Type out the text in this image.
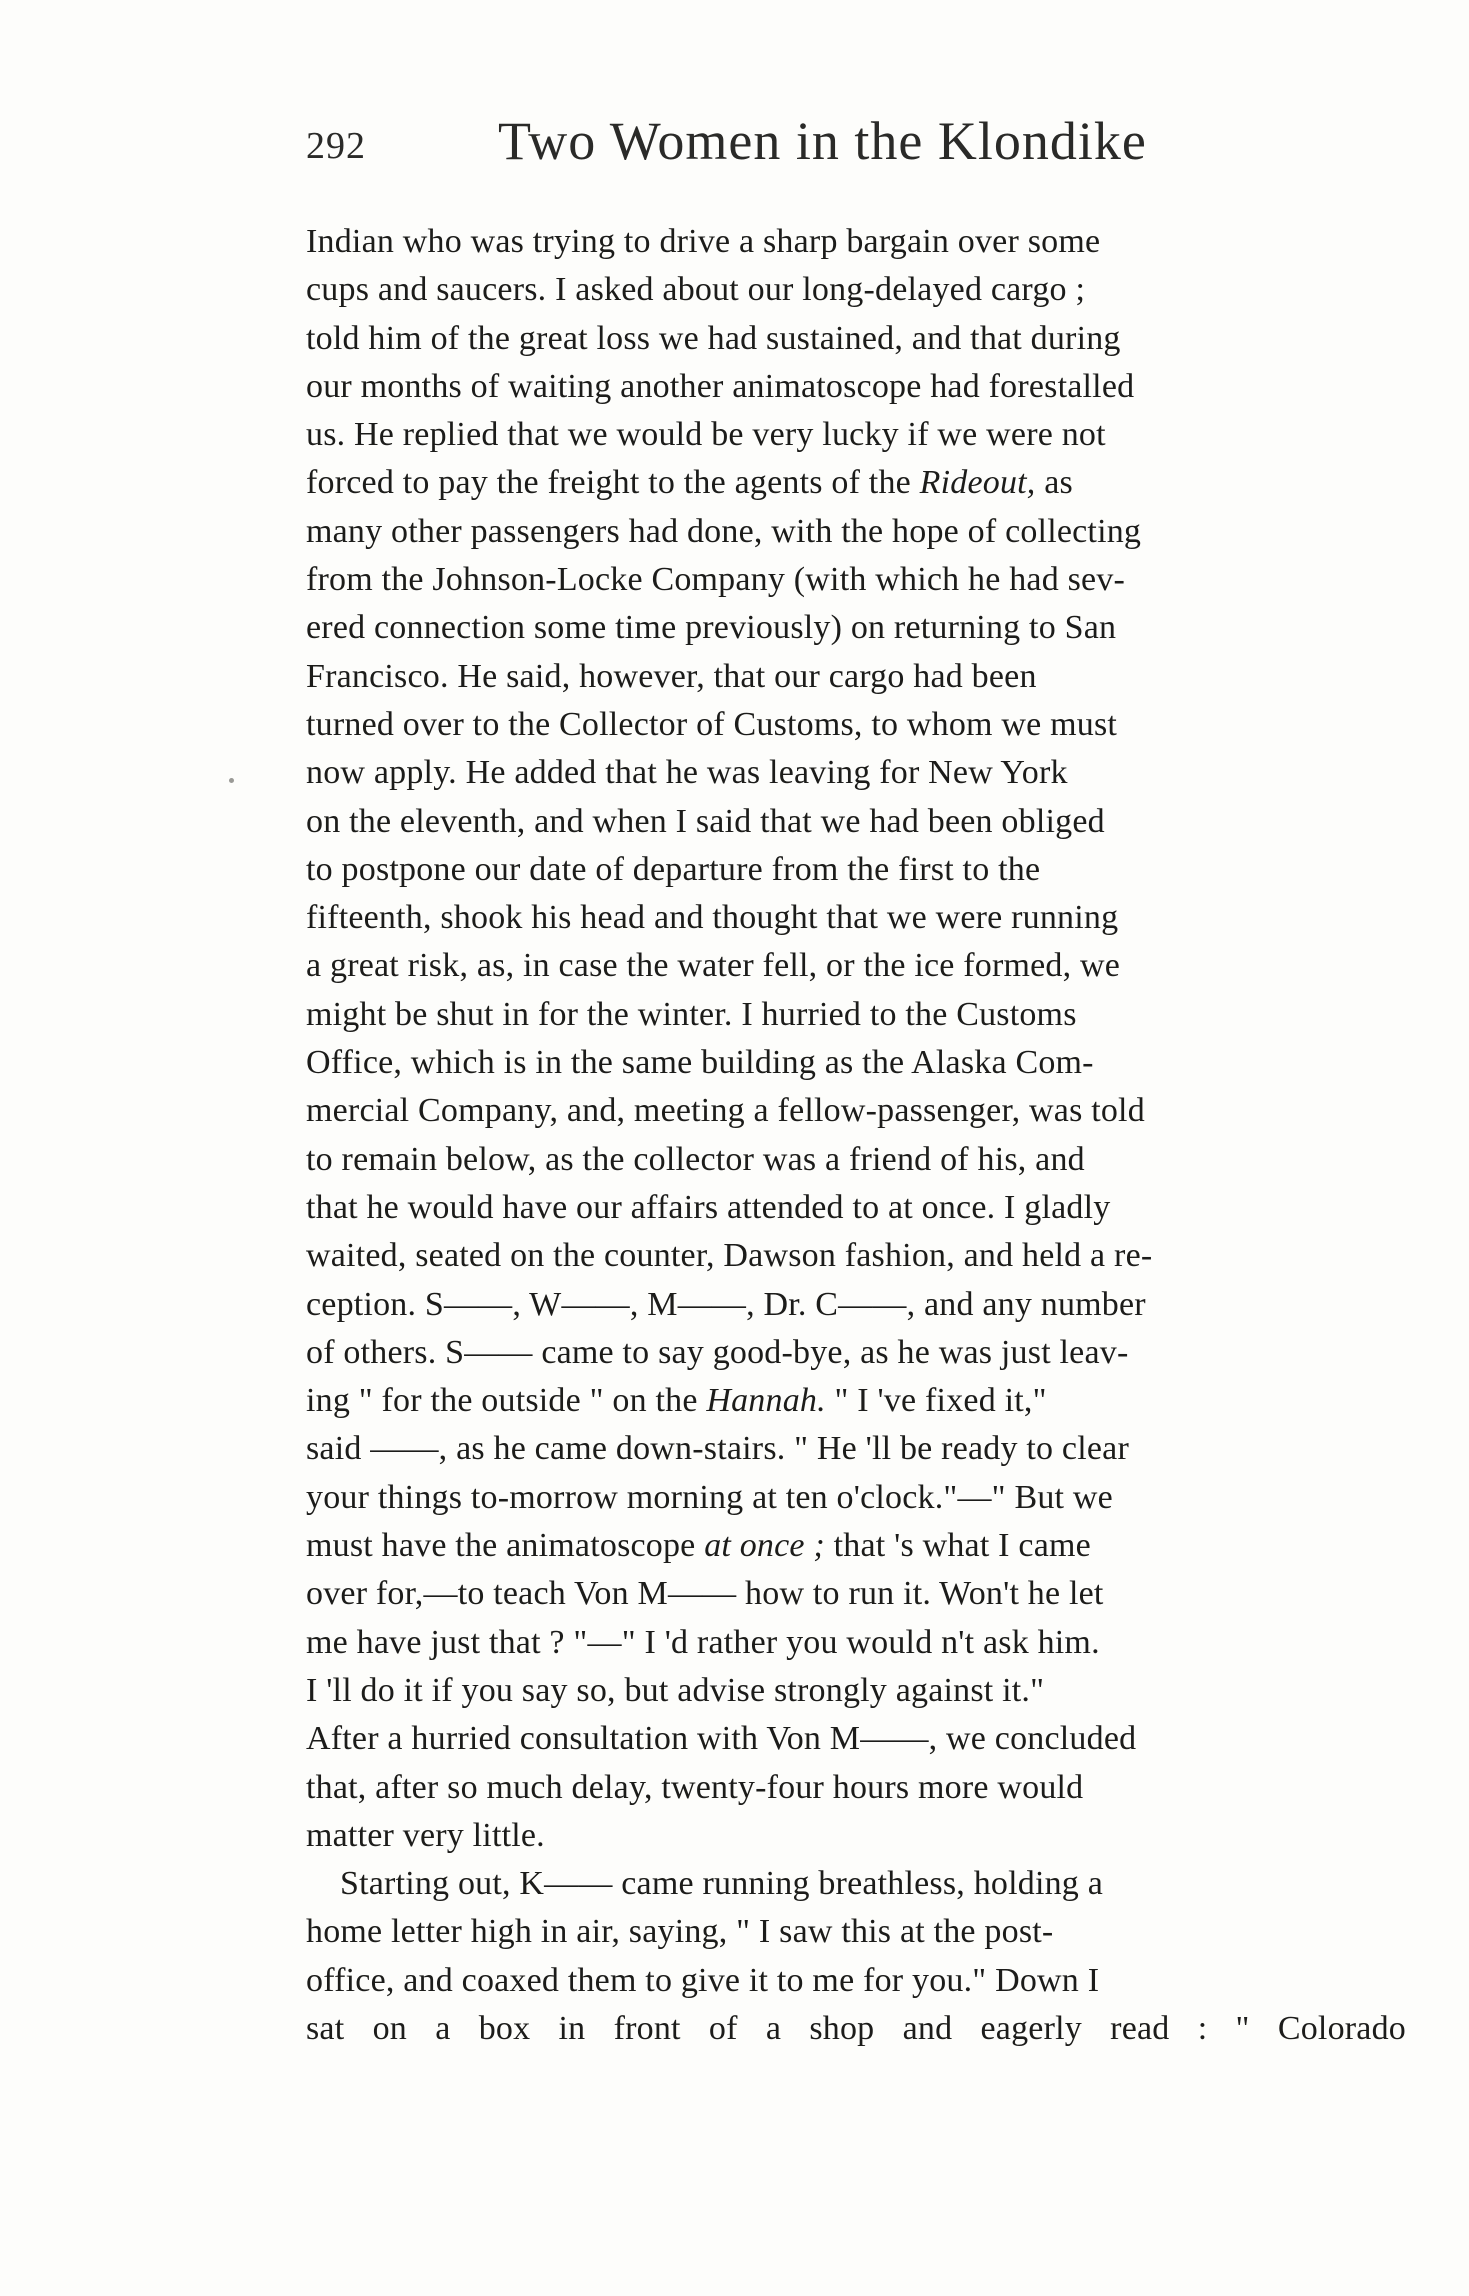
292 Two Women in the Klondike
Indian who was trying to drive a sharp bargain over some
cups and saucers. I asked about our long-delayed cargo ;
told him of the great loss we had sustained, and that during
our months of waiting another animatoscope had forestalled
us. He replied that we would be very lucky if we were not
forced to pay the freight to the agents of the Rideout, as
many other passengers had done, with the hope of collecting
from the Johnson-Locke Company (with which he had sev-
ered connection some time previously) on returning to San
Francisco. He said, however, that our cargo had been
turned over to the Collector of Customs, to whom we must
now apply. He added that he was leaving for New York
on the eleventh, and when I said that we had been obliged
to postpone our date of departure from the first to the
fifteenth, shook his head and thought that we were running
a great risk, as, in case the water fell, or the ice formed, we
might be shut in for the winter. I hurried to the Customs
Office, which is in the same building as the Alaska Com-
mercial Company, and, meeting a fellow-passenger, was told
to remain below, as the collector was a friend of his, and
that he would have our affairs attended to at once. I gladly
waited, seated on the counter, Dawson fashion, and held a re-
ception. S——, W——, M——, Dr. C——, and any number
of others. S—— came to say good-bye, as he was just leav-
ing " for the outside " on the Hannah. " I 've fixed it,"
said ——, as he came down-stairs. " He 'll be ready to clear
your things to-morrow morning at ten o'clock."—" But we
must have the animatoscope at once ; that 's what I came
over for,—to teach Von M—— how to run it. Won't he let
me have just that ? "—" I 'd rather you would n't ask him.
I 'll do it if you say so, but advise strongly against it."
After a hurried consultation with Von M——, we concluded
that, after so much delay, twenty-four hours more would
matter very little.
Starting out, K—— came running breathless, holding a
home letter high in air, saying, " I saw this at the post-
office, and coaxed them to give it to me for you." Down I
sat on a box in front of a shop and eagerly read : " Colorado
